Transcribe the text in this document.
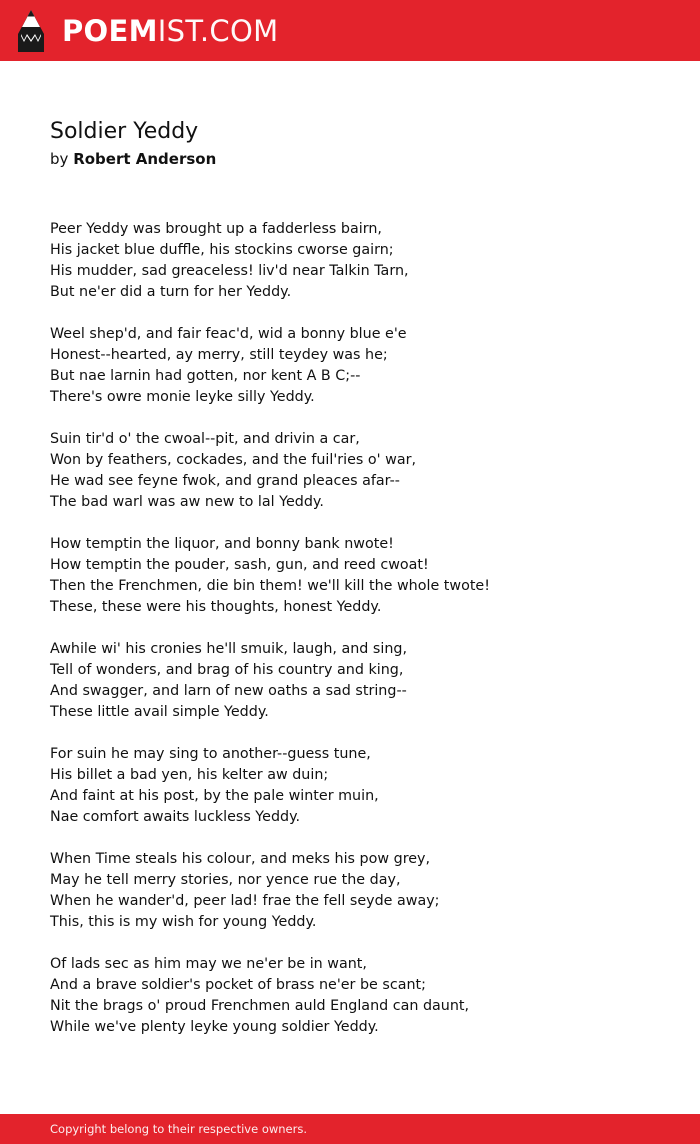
POEMIST.COM
Soldier Yeddy
by Robert Anderson
Peer Yeddy was brought up a fadderless bairn,
His jacket blue duffle, his stockins cworse gairn;
His mudder, sad greaceless! liv'd near Talkin Tarn,
But ne'er did a turn for her Yeddy.
Weel shep'd, and fair feac'd, wid a bonny blue e'e
Honest--hearted, ay merry, still teydey was he;
But nae larnin had gotten, nor kent A B C;--
There's owre monie leyke silly Yeddy.
Suin tir'd o' the cwoal--pit, and drivin a car,
Won by feathers, cockades, and the fuil'ries o' war,
He wad see feyne fwok, and grand pleaces afar--
The bad warl was aw new to lal Yeddy.
How temptin the liquor, and bonny bank nwote!
How temptin the pouder, sash, gun, and reed cwoat!
Then the Frenchmen, die bin them! we'll kill the whole twote!
These, these were his thoughts, honest Yeddy.
Awhile wi' his cronies he'll smuik, laugh, and sing,
Tell of wonders, and brag of his country and king,
And swagger, and larn of new oaths a sad string--
These little avail simple Yeddy.
For suin he may sing to another--guess tune,
His billet a bad yen, his kelter aw duin;
And faint at his post, by the pale winter muin,
Nae comfort awaits luckless Yeddy.
When Time steals his colour, and meks his pow grey,
May he tell merry stories, nor yence rue the day,
When he wander'd, peer lad! frae the fell seyde away;
This, this is my wish for young Yeddy.
Of lads sec as him may we ne'er be in want,
And a brave soldier's pocket of brass ne'er be scant;
Nit the brags o' proud Frenchmen auld England can daunt,
While we've plenty leyke young soldier Yeddy.
Copyright belong to their respective owners.
